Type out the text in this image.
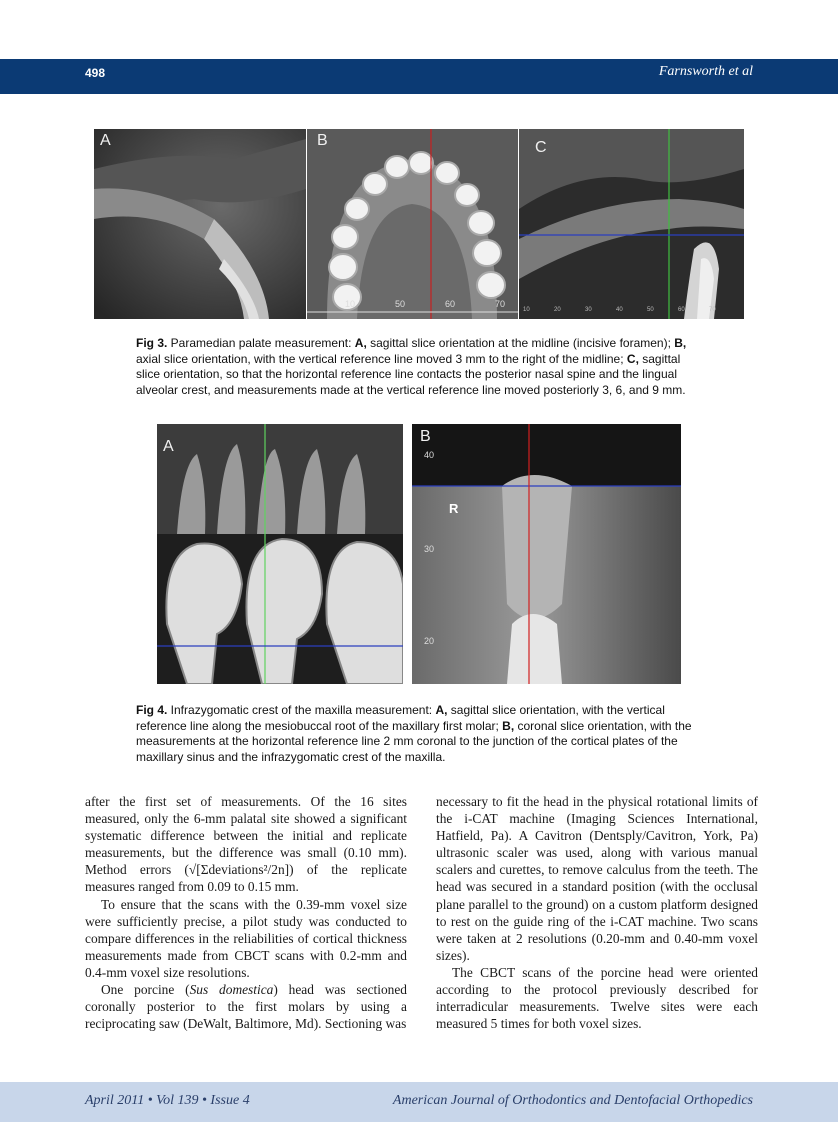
498	Farnsworth et al
A	B
10	50	60	70
C
10	20	30	40	50	60	70
Fig 3. Paramedian palate measurement: A, sagittal slice orientation at the midline (incisive foramen); B, axial slice orientation, with the vertical reference line moved 3 mm to the right of the midline; C, sagittal slice orientation, so that the horizontal reference line contacts the posterior nasal spine and the lingual alveolar crest, and measurements made at the vertical reference line moved posteriorly 3, 6, and 9 mm.
A
B
R
40
30
20
Fig 4. Infrazygomatic crest of the maxilla measurement: A, sagittal slice orientation, with the vertical reference line along the mesiobuccal root of the maxillary first molar; B, coronal slice orientation, with the measurements at the horizontal reference line 2 mm coronal to the junction of the cortical plates of the maxillary sinus and the infrazygomatic crest of the maxilla.

after the first set of measurements. Of the 16 sites measured, only the 6-mm palatal site showed a significant systematic difference between the initial and replicate measurements, but the difference was small (0.10 mm). Method errors (√[Σdeviations²/2n]) of the replicate measures ranged from 0.09 to 0.15 mm.

To ensure that the scans with the 0.39-mm voxel size were sufficiently precise, a pilot study was conducted to compare differences in the reliabilities of cortical thickness measurements made from CBCT scans with 0.2-mm and 0.4-mm voxel size resolutions.

One porcine (Sus domestica) head was sectioned coronally posterior to the first molars by using a reciprocating saw (DeWalt, Baltimore, Md). Sectioning was

necessary to fit the head in the physical rotational limits of the i-CAT machine (Imaging Sciences International, Hatfield, Pa). A Cavitron (Dentsply/Cavitron, York, Pa) ultrasonic scaler was used, along with various manual scalers and curettes, to remove calculus from the teeth. The head was secured in a standard position (with the occlusal plane parallel to the ground) on a custom platform designed to rest on the guide ring of the i-CAT machine. Two scans were taken at 2 resolutions (0.20-mm and 0.40-mm voxel sizes).

The CBCT scans of the porcine head were oriented according to the protocol previously described for interradicular measurements. Twelve sites were each measured 5 times for both voxel sizes.

April 2011 • Vol 139 • Issue 4	American Journal of Orthodontics and Dentofacial Orthopedics
